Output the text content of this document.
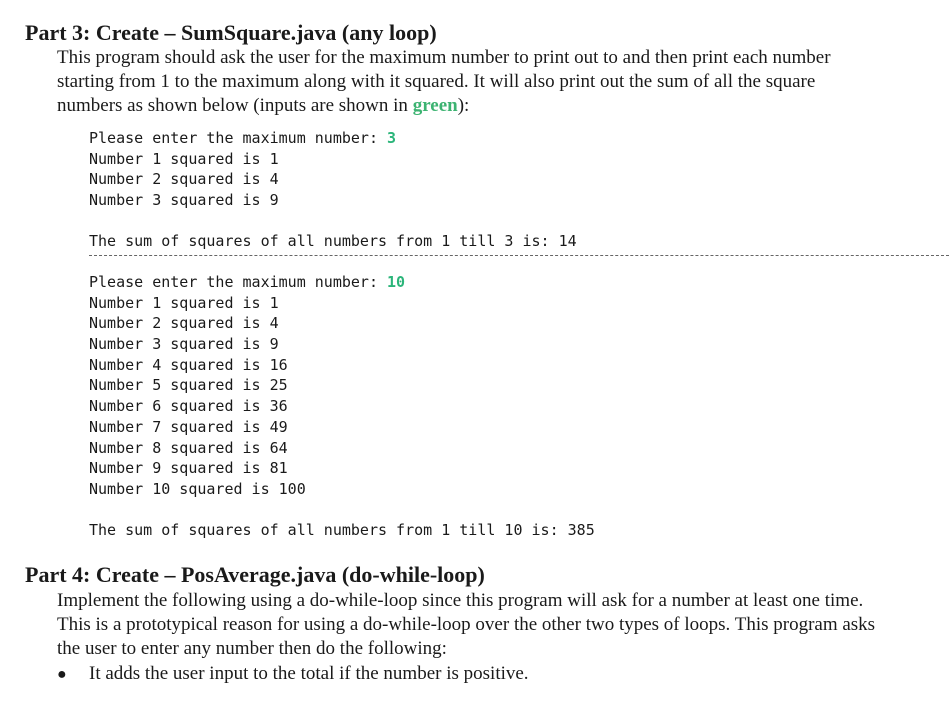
Part 3: Create – SumSquare.java (any loop)
This program should ask the user for the maximum number to print out to and then print each number
starting from 1 to the maximum along with it squared. It will also print out the sum of all the square
numbers as shown below (inputs are shown in green):
Please enter the maximum number: 3
Number 1 squared is 1
Number 2 squared is 4
Number 3 squared is 9
The sum of squares of all numbers from 1 till 3 is: 14
Please enter the maximum number: 10
Number 1 squared is 1
Number 2 squared is 4
Number 3 squared is 9
Number 4 squared is 16
Number 5 squared is 25
Number 6 squared is 36
Number 7 squared is 49
Number 8 squared is 64
Number 9 squared is 81
Number 10 squared is 100
The sum of squares of all numbers from 1 till 10 is: 385
Part 4: Create – PosAverage.java (do-while-loop)
Implement the following using a do-while-loop since this program will ask for a number at least one time.
This is a prototypical reason for using a do-while-loop over the other two types of loops. This program asks
the user to enter any number then do the following:
● It adds the user input to the total if the number is positive.
